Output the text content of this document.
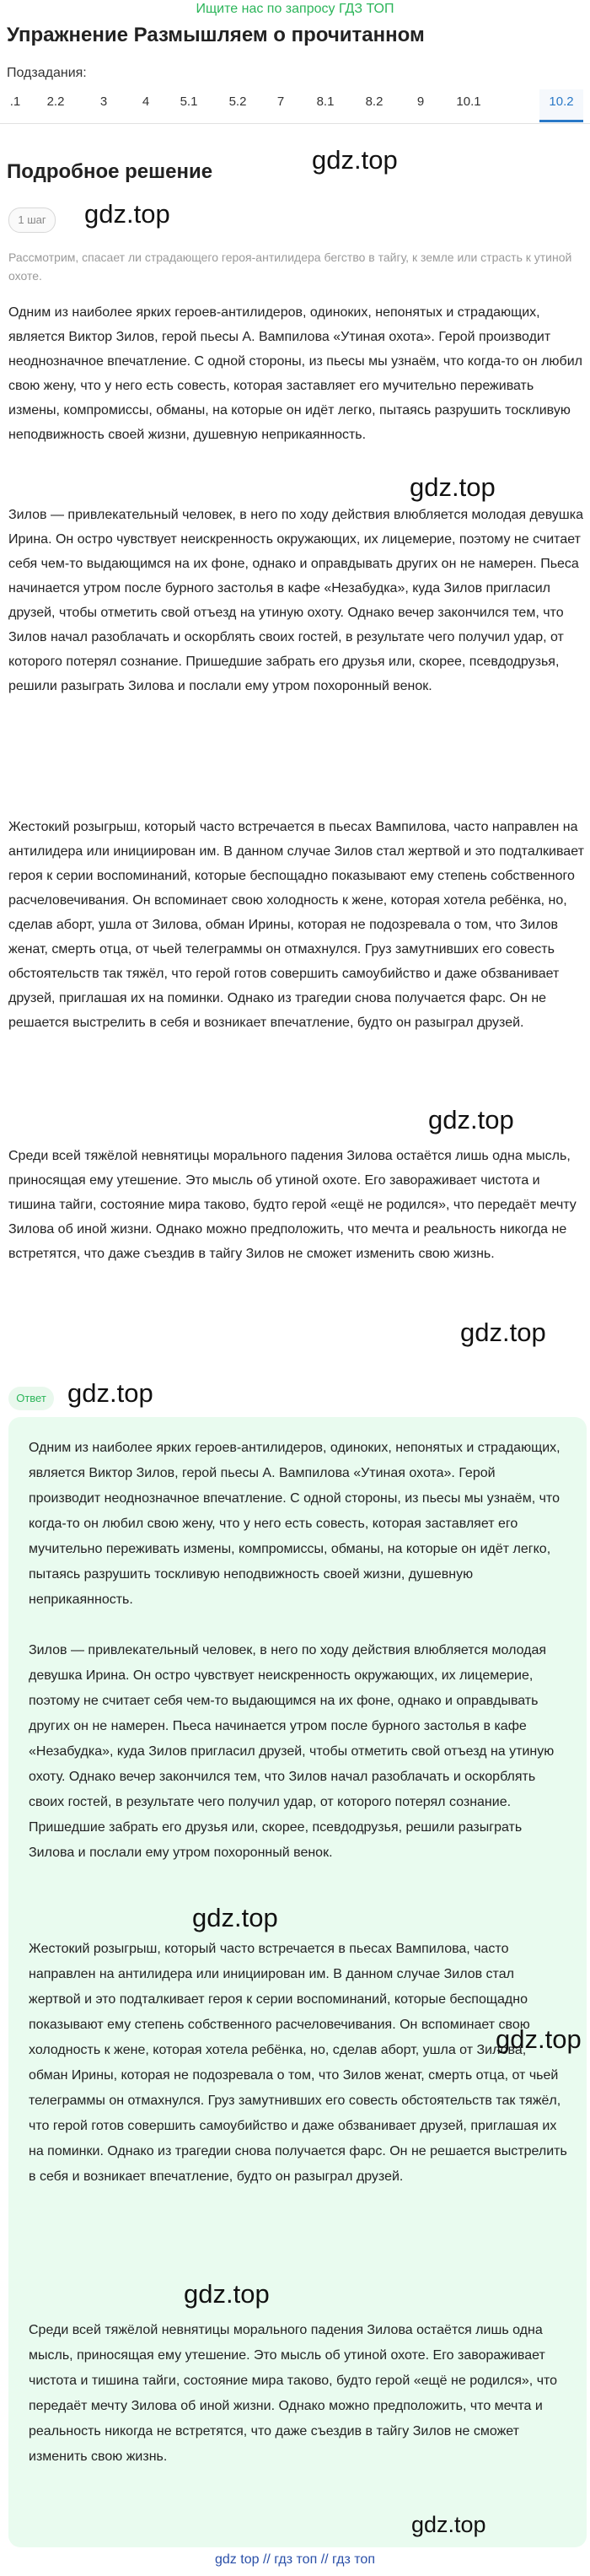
Ищите нас по запросу ГДЗ ТОП
Упражнение Размышляем о прочитанном
Подзадания:
.1	2.2	3	4	5.1	5.2	7	8.1	8.2	9	10.1	10.2
gdz.top
Подробное решение
1 шаг	gdz.top
Рассмотрим, спасает ли страдающего героя-антилидера бегство в тайгу, к земле или страсть к утиной охоте.

Одним из наиболее ярких героев-антилидеров, одиноких, непонятых и страдающих, является Виктор Зилов, герой пьесы А. Вампилова «Утиная охота». Герой производит неоднозначное впечатление. С одной стороны, из пьесы мы узнаём, что когда-то он любил свою жену, что у него есть совесть, которая заставляет его мучительно переживать измены, компромиссы, обманы, на которые он идёт легко, пытаясь разрушить тоскливую неподвижность своей жизни, душевную неприкаянность.

gdz.top

Зилов — привлекательный человек, в него по ходу действия влюбляется молодая девушка Ирина. Он остро чувствует неискренность окружающих, их лицемерие, поэтому не считает себя чем-то выдающимся на их фоне, однако и оправдывать других он не намерен. Пьеса начинается утром после бурного застолья в кафе «Незабудка», куда Зилов пригласил друзей, чтобы отметить свой отъезд на утиную охоту. Однако вечер закончился тем, что Зилов начал разоблачать и оскорблять своих гостей, в результате чего получил удар, от которого потерял сознание. Пришедшие забрать его друзья или, скорее, псевдодрузья, решили разыграть Зилова и послали ему утром похоронный венок.

Жестокий розыгрыш, который часто встречается в пьесах Вампилова, часто направлен на антилидера или инициирован им. В данном случае Зилов стал жертвой и это подталкивает героя к серии воспоминаний, которые беспощадно показывают ему степень собственного расчеловечивания. Он вспоминает свою холодность к жене, которая хотела ребёнка, но, сделав аборт, ушла от Зилова, обман Ирины, которая не подозревала о том, что Зилов женат, смерть отца, от чьей телеграммы он отмахнулся. Груз замутнивших его совесть обстоятельств так тяжёл, что герой готов совершить самоубийство и даже обзванивает друзей, приглашая их на поминки. Однако из трагедии снова получается фарс. Он не решается выстрелить в себя и возникает впечатление, будто он разыграл друзей.

gdz.top

Среди всей тяжёлой невнятицы морального падения Зилова остаётся лишь одна мысль, приносящая ему утешение. Это мысль об утиной охоте. Его завораживает чистота и тишина тайги, состояние мира таково, будто герой «ещё не родился», что передаёт мечту Зилова об иной жизни. Однако можно предположить, что мечта и реальность никогда не встретятся, что даже съездив в тайгу Зилов не сможет изменить свою жизнь.

gdz.top
Ответ gdz.top

Одним из наиболее ярких героев-антилидеров, одиноких, непонятых и страдающих, является Виктор Зилов, герой пьесы А. Вампилова «Утиная охота». Герой производит неоднозначное впечатление. С одной стороны, из пьесы мы узнаём, что когда-то он любил свою жену, что у него есть совесть, которая заставляет его мучительно переживать измены, компромиссы, обманы, на которые он идёт легко, пытаясь разрушить тоскливую неподвижность своей жизни, душевную неприкаянность.

Зилов — привлекательный человек, в него по ходу действия влюбляется молодая девушка Ирина. Он остро чувствует неискренность окружающих, их лицемерие, поэтому не считает себя чем-то выдающимся на их фоне, однако и оправдывать других он не намерен. Пьеса начинается утром после бурного застолья в кафе «Незабудка», куда Зилов пригласил друзей, чтобы отметить свой отъезд на утиную охоту. Однако вечер закончился тем, что Зилов начал разоблачать и оскорблять своих гостей, в результате чего получил удар, от которого потерял сознание. Пришедшие забрать его друзья или, скорее, псевдодрузья, решили разыграть Зилова и послали ему утром похоронный венок.

gdz.top

Жестокий розыгрыш, который часто встречается в пьесах Вампилова, часто направлен на антилидера или инициирован им. В данном случае Зилов стал жертвой и это подталкивает героя к серии воспоминаний, которые беспощадно показывают ему степень собственного расчеловечивания. Он вспоминает свою холодность к жене, которая хотела ребёнка, но, сделав аборт, ушла от Зилова, обман Ирины, которая не подозревала о том, что Зилов женат, смерть отца, от чьей телеграммы он отмахнулся. Груз замутнивших его совесть обстоятельств так тяжёл, что герой готов совершить самоубийство и даже обзванивает друзей, приглашая их на поминки. Однако из трагедии снова получается фарс. Он не решается выстрелить в себя и возникает впечатление, будто он разыграл друзей.

gdz.top
gdz.top

Среди всей тяжёлой невнятицы морального падения Зилова остаётся лишь одна мысль, приносящая ему утешение. Это мысль об утиной охоте. Его завораживает чистота и тишина тайги, состояние мира таково, будто герой «ещё не родился», что передаёт мечту Зилова об иной жизни. Однако можно предположить, что мечта и реальность никогда не встретятся, что даже съездив в тайгу Зилов не сможет изменить свою жизнь.

gdz.top
gdz top // гдз топ // гдз топ
